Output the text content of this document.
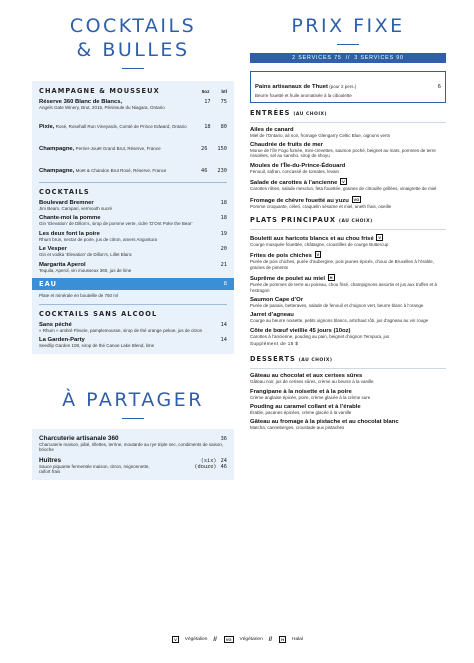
COCKTAILS
& BULLES
CHAMPAGNE & MOUSSEUX	5oz	btl
Réserve 360 Blanc de Blancs,	17 75
Angels Gate Winery, Brut, 2015, Péninsule du Niagara, Ontario
Pixie, Rosé, Rosehall Run Vineyards, Comté de Prince Edward, Ontario	18 80
Champagne, Perrier-Jouët Grand Brut, Réserve, France	26 150
Champagne, Moët & Chandon Brut Rosé, Réserve, France	46 230
COCKTAILS
Boulevard Bremner	18
Jim Beam, Campari, vermouth sucré
Chante-moi la pomme	18
Gin ‘Elevation’ de Dillon’s, sirop de pomme verte, cidre ‘D’Ont Poke the Bear’
Les deux font la poire	19
Rhum brun, nectar de poire, jus de citron, amers Angostura
Le Vesper	20
Gin et vodka ‘Elevation’ de Dillon’s, Lillet Blanc
Margarita Aperol	21
Tequila, Aperol, vin mousseux 360, jus de lime
EAU	8
Plate et minérale en bouteille de 750 ml
COCKTAILS SANS ALCOOL
Sans péché	14
« Rhum » ambré Fleurie, pamplemousse, sirop de thé orange pekoe, jus de citron
La Garden-Party	14
Seedlip Garden 108, sirop de thé Canoe Lake Blend, lime
À PARTAGER
Charcuterie artisanale 360	36
Charcuterie maison, pâté, rillettes, terrine, moutarde au rye triple sec, condiments de saison, brioche
Huîtres	(six) 24
Sauce piquante fermentée maison, citron, mignonnette, raifort frais
(douze) 46
PRIX FIXE
2 SERVICES 75 // 3 SERVICES 90
Pains artisanaux de Thuet (pour 2 pers.)	6
Beurre fouetté et huile aromatisée à la ciboulette
ENTRÉES (AU CHOIX)
Ailes de canard
Miel de l’Ontario, ail noir, fromage Glengarry Celtic Blue, oignons verts
Chaudrée de fruits de mer
Morue de l’île Fogo fumée, mini-crevettes, saumon poché, beignet au maïs, pommes de terre rissolées, sel au sansho, sirop de shoyu
Moules de l’Île-du-Prince-Édouard
Fenouil, safran, concassé de tomates, levain
Salade de carottes à l’ancienne V
Carottes rôties, salade mesclun, feta fouettée, graines de citrouille grillées, vinaigrette de miel
Fromage de chèvre fouetté au yuzu VG
Pomme croquante, céleri, craquelin sésame et miel, aneth frais, oseille
PLATS PRINCIPAUX (AU CHOIX)
Bouletti aux haricots blancs et au chou frisé V
Courge musquée fouettée, châtaigne, croustilles de courge Buttercup
Frites de pois chiches V
Purée de pois chiches, purée d’aubergine, pois jaunes épicés, choux de Bruxelles à l’érable, graines de piments
Suprême de poulet au miel H
Purée de pommes de terre au poireau, chou frisé, champignons assortis et jus aux truffes et à l’estragon
Saumon Cape d’Or
Purée de panais, betteraves, salade de fenouil et d’oignon vert, beurre blanc à l’orange
Jarret d’agneau
Courge au beurre noisette, petits oignons blancs, artichaut rôti, jus d’agneau au vin rouge
Côte de bœuf vieillie 45 jours (10oz)
Carottes à l’ancienne, pouding au pain, beignet d’oignon Tempura, jus
Supplément de 15 $
DESSERTS (AU CHOIX)
Gâteau au chocolat et aux cerises sûres
Gâteau noir, jus de cerises sûres, crème au beurre à la vanille
Frangipane à la noisette et à la poire
Crème anglaise épicée, poire, crème glacée à la crème sure
Pouding au caramel collant et à l’érable
Érable, pacanes épicées, crème glacée à la vanille
Gâteau au fromage à la pistache et au chocolat blanc
Matcha, canneberges, croustade aux pistaches
V	Végétalien //	VG	Végétarien //	H	Halal
